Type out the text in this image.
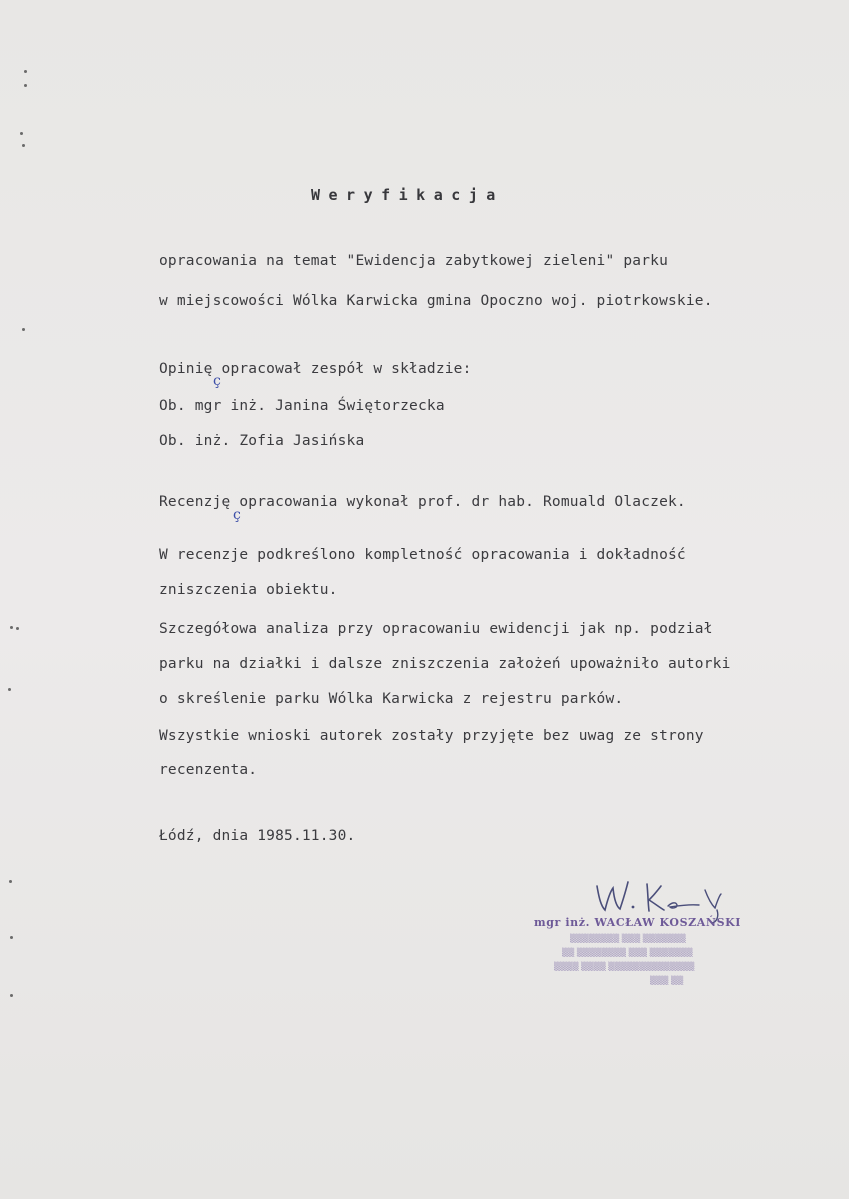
Weryfikacja
opracowania na temat "Ewidencja zabytkowej zieleni" parku
w miejscowości Wólka Karwicka gmina Opoczno woj. piotrkowskie.
Opinię opracował zespół w składzie:
Ob. mgr inż. Janina Świętorzecka
Ob. inż. Zofia Jasińska
Recenzję opracowania wykonał prof. dr hab. Romuald Olaczek.
W recenzje podkreślono kompletność opracowania i dokładność
zniszczenia obiektu.
Szczegółowa analiza przy opracowaniu ewidencji jak np. podział
parku na działki i dalsze zniszczenia założeń upoważniło autorki
o skreślenie parku Wólka Karwicka z rejestru parków.
Wszystkie wnioski autorek zostały przyjęte bez uwag ze strony
recenzenta.
Łódź, dnia 1985.11.30.
ç
ç
mgr inż. WACŁAW KOSZAŃSKI
▒▒▒▒▒▒▒▒ ▒▒▒ ▒▒▒▒▒▒▒
▒▒ ▒▒▒▒▒▒▒▒ ▒▒▒ ▒▒▒▒▒▒▒
▒▒▒▒ ▒▒▒▒ ▒▒▒▒▒▒▒▒▒▒▒▒▒▒
▒▒▒ ▒▒
